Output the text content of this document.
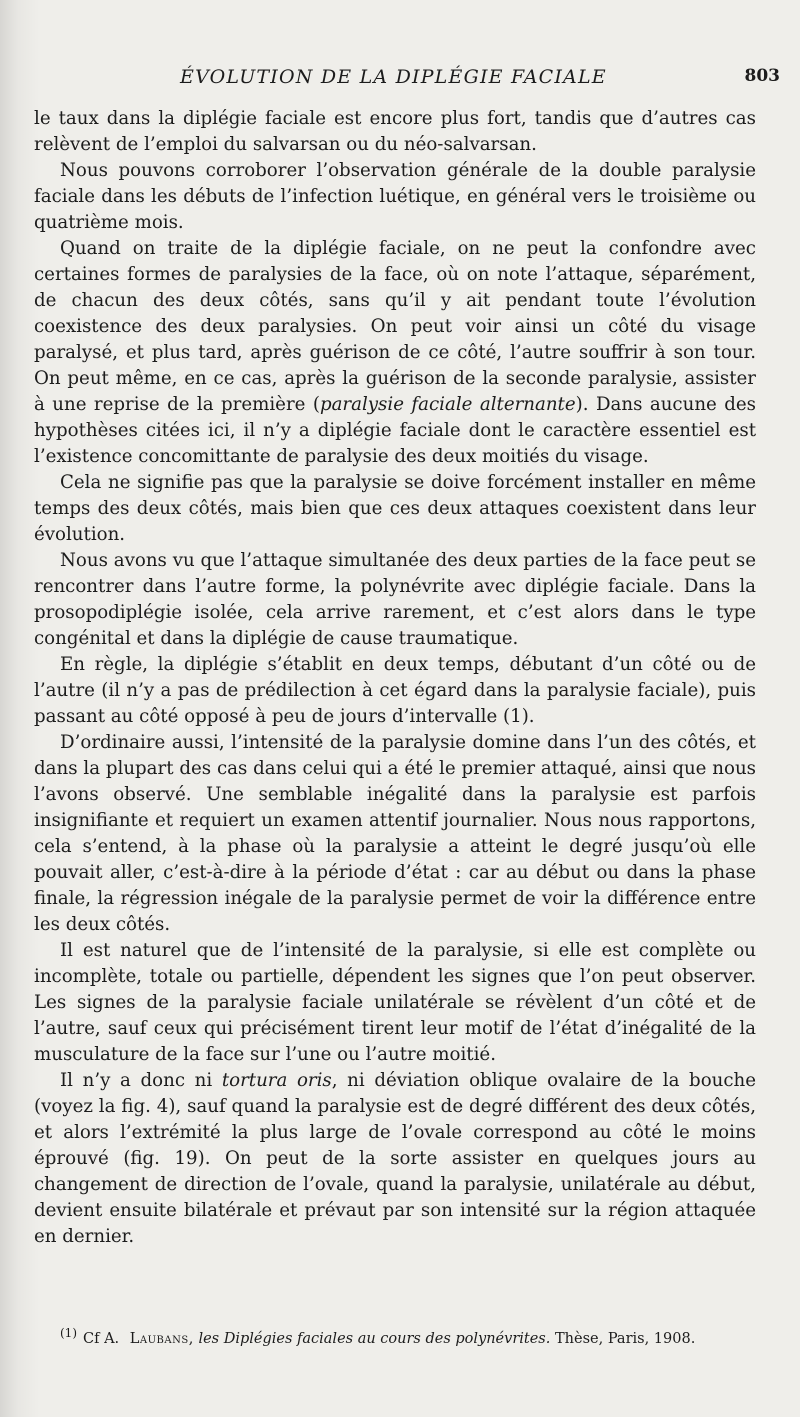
ÉVOLUTION DE LA DIPLÉGIE FACIALE	803

le taux dans la diplégie faciale est encore plus fort, tandis que d’autres cas relèvent de l’emploi du salvarsan ou du néo-salvarsan.

Nous pouvons corroborer l’observation générale de la double paralysie faciale dans les débuts de l’infection luétique, en général vers le troisième ou quatrième mois.

Quand on traite de la diplégie faciale, on ne peut la confondre avec certaines formes de paralysies de la face, où on note l’attaque, séparément, de chacun des deux côtés, sans qu’il y ait pendant toute l’évolution coexistence des deux paralysies. On peut voir ainsi un côté du visage paralysé, et plus tard, après guérison de ce côté, l’autre souffrir à son tour. On peut même, en ce cas, après la guérison de la seconde paralysie, assister à une reprise de la première (paralysie faciale alternante). Dans aucune des hypothèses citées ici, il n’y a diplégie faciale dont le caractère essentiel est l’existence concomittante de paralysie des deux moitiés du visage.

Cela ne signifie pas que la paralysie se doive forcément installer en même temps des deux côtés, mais bien que ces deux attaques coexistent dans leur évolution.

Nous avons vu que l’attaque simultanée des deux parties de la face peut se rencontrer dans l’autre forme, la polynévrite avec diplégie faciale. Dans la prosopodiplégie isolée, cela arrive rarement, et c’est alors dans le type congénital et dans la diplégie de cause traumatique.

En règle, la diplégie s’établit en deux temps, débutant d’un côté ou de l’autre (il n’y a pas de prédilection à cet égard dans la paralysie faciale), puis passant au côté opposé à peu de jours d’intervalle (1).

D’ordinaire aussi, l’intensité de la paralysie domine dans l’un des côtés, et dans la plupart des cas dans celui qui a été le premier attaqué, ainsi que nous l’avons observé. Une semblable inégalité dans la paralysie est parfois insignifiante et requiert un examen attentif journalier. Nous nous rapportons, cela s’entend, à la phase où la paralysie a atteint le degré jusqu’où elle pouvait aller, c’est-à-dire à la période d’état : car au début ou dans la phase finale, la régression inégale de la paralysie permet de voir la différence entre les deux côtés.

Il est naturel que de l’intensité de la paralysie, si elle est complète ou incomplète, totale ou partielle, dépendent les signes que l’on peut observer. Les signes de la paralysie faciale unilatérale se révèlent d’un côté et de l’autre, sauf ceux qui précisément tirent leur motif de l’état d’inégalité de la musculature de la face sur l’une ou l’autre moitié.

Il n’y a donc ni tortura oris, ni déviation oblique ovalaire de la bouche (voyez la fig. 4), sauf quand la paralysie est de degré différent des deux côtés, et alors l’extrémité la plus large de l’ovale correspond au côté le moins éprouvé (fig. 19). On peut de la sorte assister en quelques jours au changement de direction de l’ovale, quand la paralysie, unilatérale au début, devient ensuite bilatérale et prévaut par son intensité sur la région attaquée en dernier.

$^{(1)}$ Cf A. Laubans, les Diplégies faciales au cours des polynévrites. Thèse, Paris, 1908.
